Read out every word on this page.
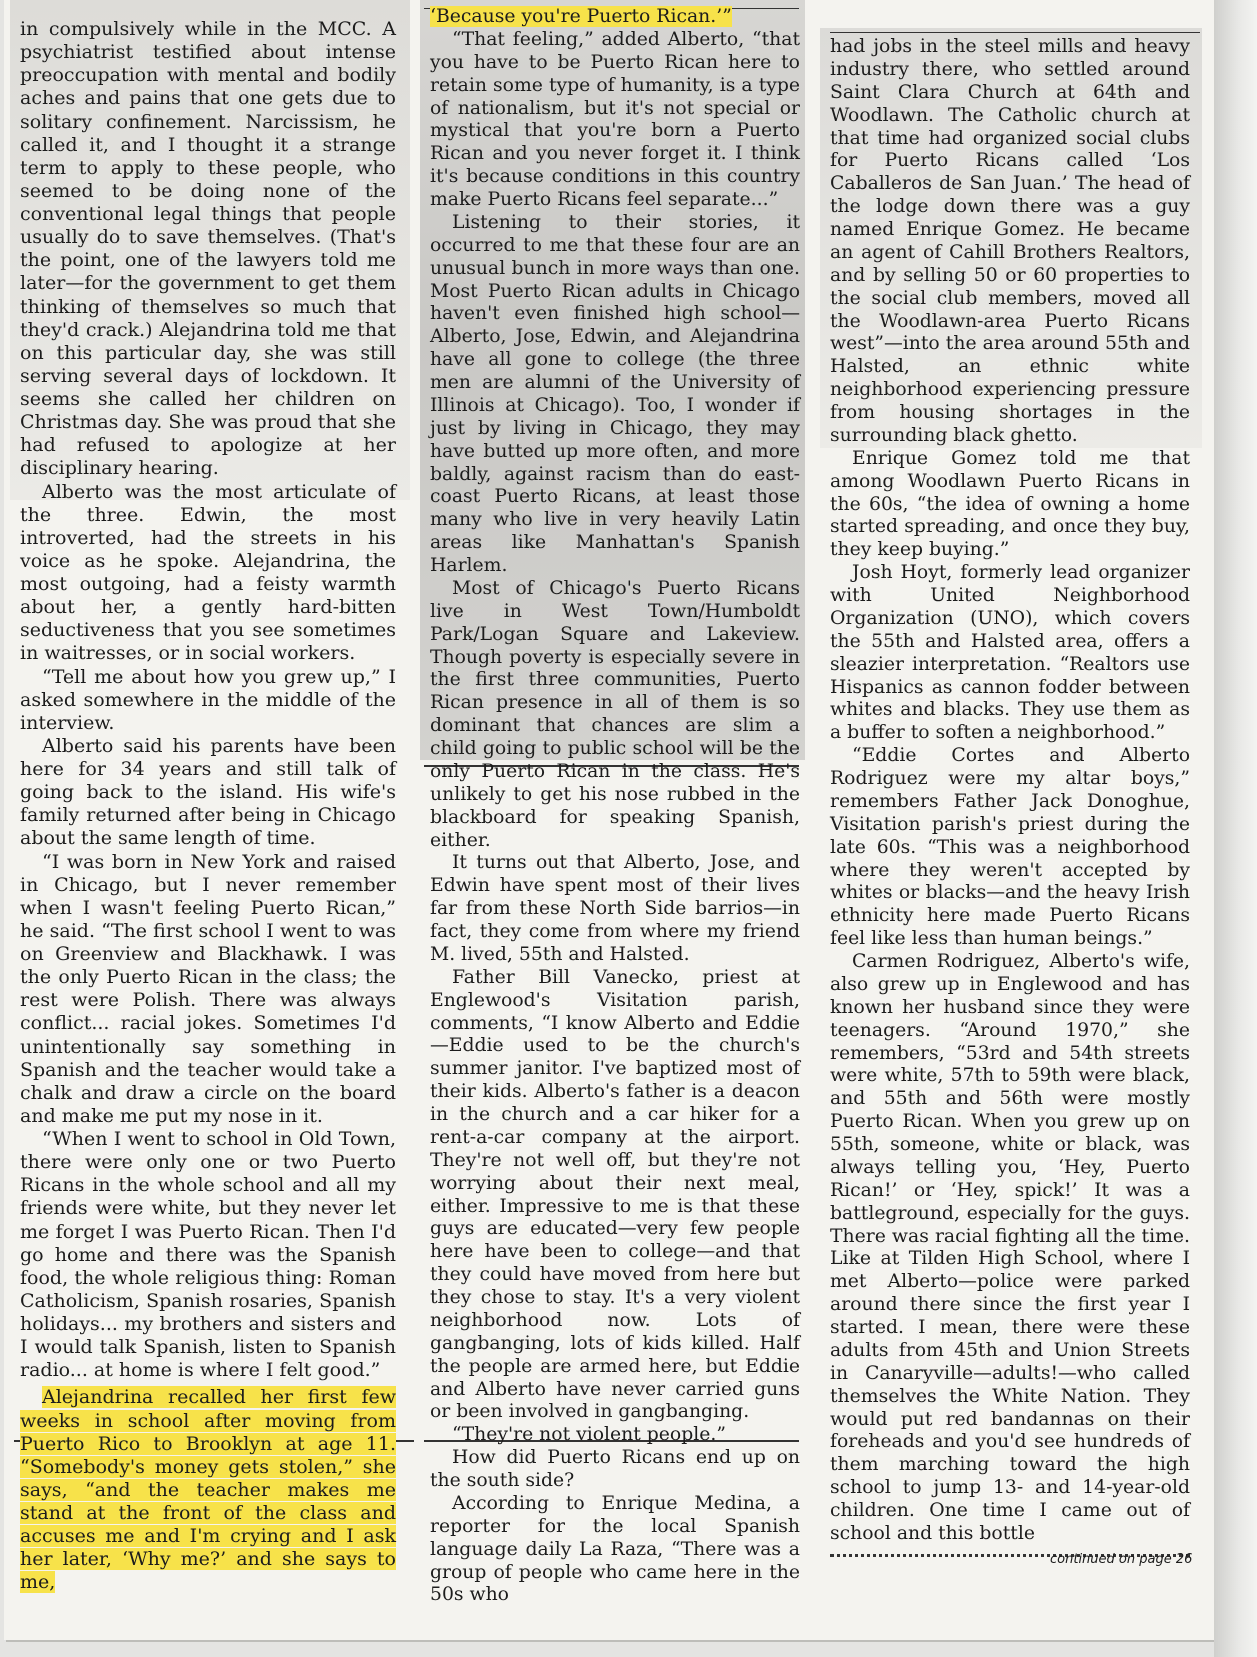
in compulsively while in the MCC. A psychiatrist testified about intense preoccupation with mental and bodily aches and pains that one gets due to solitary confinement. Narcissism, he called it, and I thought it a strange term to apply to these people, who seemed to be doing none of the conventional legal things that people usually do to save themselves. (That's the point, one of the lawyers told me later—for the government to get them thinking of themselves so much that they'd crack.) Alejandrina told me that on this particular day, she was still serving several days of lockdown. It seems she called her children on Christmas day. She was proud that she had refused to apologize at her disciplinary hearing.

Alberto was the most articulate of the three. Edwin, the most introverted, had the streets in his voice as he spoke. Alejandrina, the most outgoing, had a feisty warmth about her, a gently hard-bitten seductiveness that you see sometimes in waitresses, or in social workers.

“Tell me about how you grew up,” I asked somewhere in the middle of the interview.

Alberto said his parents have been here for 34 years and still talk of going back to the island. His wife's family returned after being in Chicago about the same length of time.

“I was born in New York and raised in Chicago, but I never remember when I wasn't feeling Puerto Rican,” he said. “The first school I went to was on Greenview and Blackhawk. I was the only Puerto Rican in the class; the rest were Polish. There was always conflict... racial jokes. Sometimes I'd unintentionally say something in Spanish and the teacher would take a chalk and draw a circle on the board and make me put my nose in it.

“When I went to school in Old Town, there were only one or two Puerto Ricans in the whole school and all my friends were white, but they never let me forget I was Puerto Rican. Then I'd go home and there was the Spanish food, the whole religious thing: Roman Catholicism, Spanish rosaries, Spanish holidays... my brothers and sisters and I would talk Spanish, listen to Spanish radio... at home is where I felt good.”

Alejandrina recalled her first few weeks in school after moving from Puerto Rico to Brooklyn at age 11. “Somebody's money gets stolen,” she says, “and the teacher makes me stand at the front of the class and accuses me and I'm crying and I ask her later, ‘Why me?’ and she says to me,

‘Because you're Puerto Rican.’”

“That feeling,” added Alberto, “that you have to be Puerto Rican here to retain some type of humanity, is a type of nationalism, but it's not special or mystical that you're born a Puerto Rican and you never forget it. I think it's because conditions in this country make Puerto Ricans feel separate...”

Listening to their stories, it occurred to me that these four are an unusual bunch in more ways than one. Most Puerto Rican adults in Chicago haven't even finished high school—Alberto, Jose, Edwin, and Alejandrina have all gone to college (the three men are alumni of the University of Illinois at Chicago). Too, I wonder if just by living in Chicago, they may have butted up more often, and more baldly, against racism than do east-coast Puerto Ricans, at least those many who live in very heavily Latin areas like Manhattan's Spanish Harlem.

Most of Chicago's Puerto Ricans live in West Town/Humboldt Park/Logan Square and Lakeview. Though poverty is especially severe in the first three communities, Puerto Rican presence in all of them is so dominant that chances are slim a child going to public school will be the only Puerto Rican in the class. He's unlikely to get his nose rubbed in the blackboard for speaking Spanish, either.

It turns out that Alberto, Jose, and Edwin have spent most of their lives far from these North Side barrios—in fact, they come from where my friend M. lived, 55th and Halsted.

Father Bill Vanecko, priest at Englewood's Visitation parish, comments, “I know Alberto and Eddie—Eddie used to be the church's summer janitor. I've baptized most of their kids. Alberto's father is a deacon in the church and a car hiker for a rent-a-car company at the airport. They're not well off, but they're not worrying about their next meal, either. Impressive to me is that these guys are educated—very few people here have been to college—and that they could have moved from here but they chose to stay. It's a very violent neighborhood now. Lots of gangbanging, lots of kids killed. Half the people are armed here, but Eddie and Alberto have never carried guns or been involved in gangbanging.

“They're not violent people.”

How did Puerto Ricans end up on the south side?

According to Enrique Medina, a reporter for the local Spanish language daily La Raza, “There was a group of people who came here in the 50s who

had jobs in the steel mills and heavy industry there, who settled around Saint Clara Church at 64th and Woodlawn. The Catholic church at that time had organized social clubs for Puerto Ricans called ‘Los Caballeros de San Juan.’ The head of the lodge down there was a guy named Enrique Gomez. He became an agent of Cahill Brothers Realtors, and by selling 50 or 60 properties to the social club members, moved all the Woodlawn-area Puerto Ricans west”—into the area around 55th and Halsted, an ethnic white neighborhood experiencing pressure from housing shortages in the surrounding black ghetto.

Enrique Gomez told me that among Woodlawn Puerto Ricans in the 60s, “the idea of owning a home started spreading, and once they buy, they keep buying.”

Josh Hoyt, formerly lead organizer with United Neighborhood Organization (UNO), which covers the 55th and Halsted area, offers a sleazier interpretation. “Realtors use Hispanics as cannon fodder between whites and blacks. They use them as a buffer to soften a neighborhood.”

“Eddie Cortes and Alberto Rodriguez were my altar boys,” remembers Father Jack Donoghue, Visitation parish's priest during the late 60s. “This was a neighborhood where they weren't accepted by whites or blacks—and the heavy Irish ethnicity here made Puerto Ricans feel like less than human beings.”

Carmen Rodriguez, Alberto's wife, also grew up in Englewood and has known her husband since they were teenagers. “Around 1970,” she remembers, “53rd and 54th streets were white, 57th to 59th were black, and 55th and 56th were mostly Puerto Rican. When you grew up on 55th, someone, white or black, was always telling you, ‘Hey, Puerto Rican!’ or ‘Hey, spick!’ It was a battleground, especially for the guys. There was racial fighting all the time. Like at Tilden High School, where I met Alberto—police were parked around there since the first year I started. I mean, there were these adults from 45th and Union Streets in Canaryville—adults!—who called themselves the White Nation. They would put red bandannas on their foreheads and you'd see hundreds of them marching toward the high school to jump 13- and 14-year-old children. One time I came out of school and this bottle

continued on page 26
